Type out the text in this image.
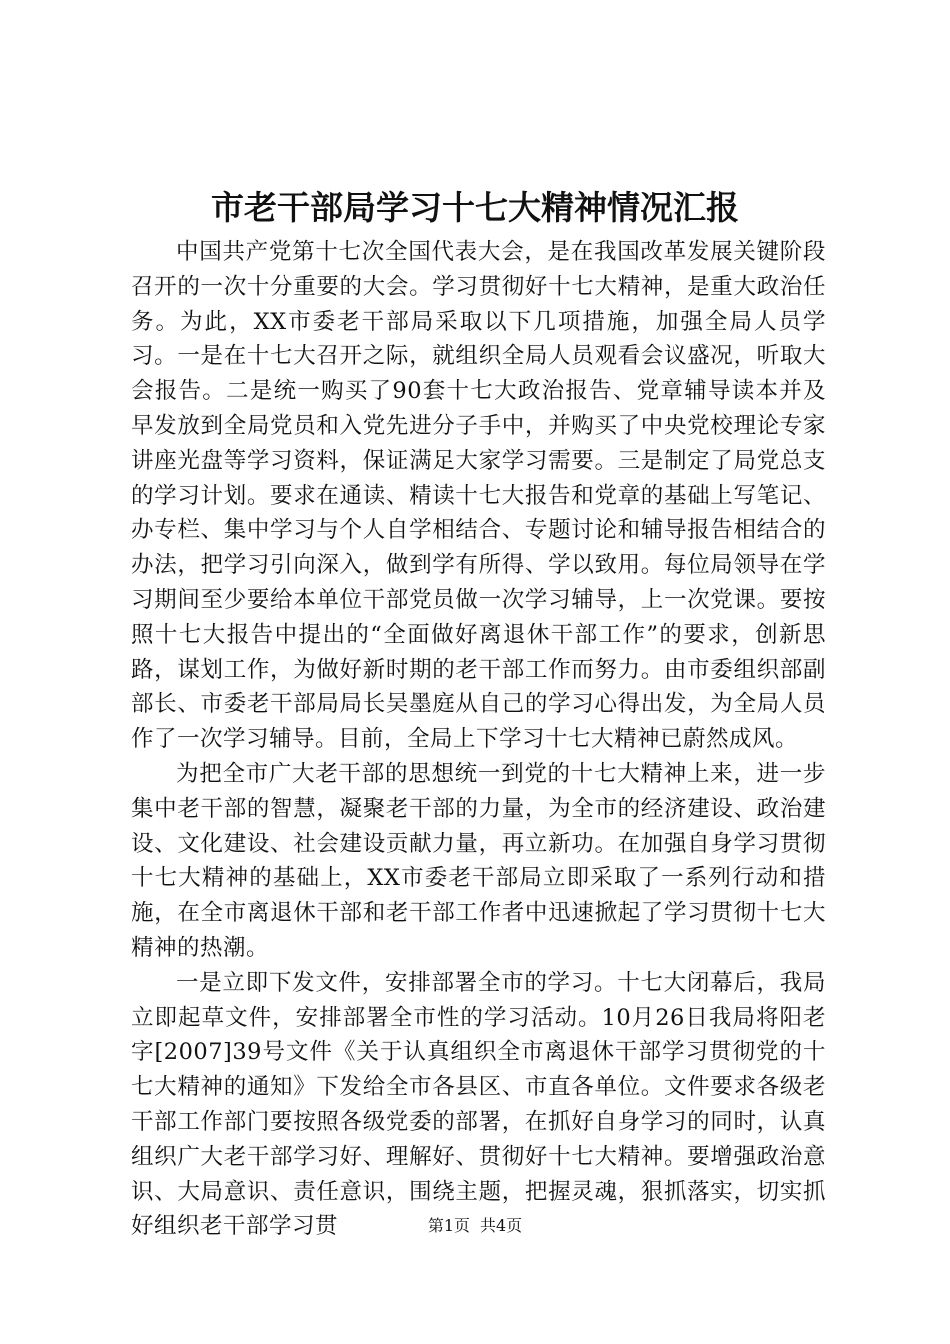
市老干部局学习十七大精神情况汇报

中国共产党第十七次全国代表大会，是在我国改革发展关键阶段召开的一次十分重要的大会。学习贯彻好十七大精神，是重大政治任务。为此，XX市委老干部局采取以下几项措施，加强全局人员学习。一是在十七大召开之际，就组织全局人员观看会议盛况，听取大会报告。二是统一购买了90套十七大政治报告、党章辅导读本并及早发放到全局党员和入党先进分子手中，并购买了中央党校理论专家讲座光盘等学习资料，保证满足大家学习需要。三是制定了局党总支的学习计划。要求在通读、精读十七大报告和党章的基础上写笔记、办专栏、集中学习与个人自学相结合、专题讨论和辅导报告相结合的办法，把学习引向深入，做到学有所得、学以致用。每位局领导在学习期间至少要给本单位干部党员做一次学习辅导，上一次党课。要按照十七大报告中提出的“全面做好离退休干部工作”的要求，创新思路，谋划工作，为做好新时期的老干部工作而努力。由市委组织部副部长、市委老干部局局长吴墨庭从自己的学习心得出发，为全局人员作了一次学习辅导。目前，全局上下学习十七大精神已蔚然成风。

为把全市广大老干部的思想统一到党的十七大精神上来，进一步集中老干部的智慧，凝聚老干部的力量，为全市的经济建设、政治建设、文化建设、社会建设贡献力量，再立新功。在加强自身学习贯彻十七大精神的基础上，XX市委老干部局立即采取了一系列行动和措施，在全市离退休干部和老干部工作者中迅速掀起了学习贯彻十七大精神的热潮。

一是立即下发文件，安排部署全市的学习。十七大闭幕后，我局立即起草文件，安排部署全市性的学习活动。10月26日我局将阳老字[2007]39号文件《关于认真组织全市离退休干部学习贯彻党的十七大精神的通知》下发给全市各县区、市直各单位。文件要求各级老干部工作部门要按照各级党委的部署，在抓好自身学习的同时，认真组织广大老干部学习好、理解好、贯彻好十七大精神。要增强政治意识、大局意识、责任意识，围绕主题，把握灵魂，狠抓落实，切实抓好组织老干部学习贯	第1页 共4页
